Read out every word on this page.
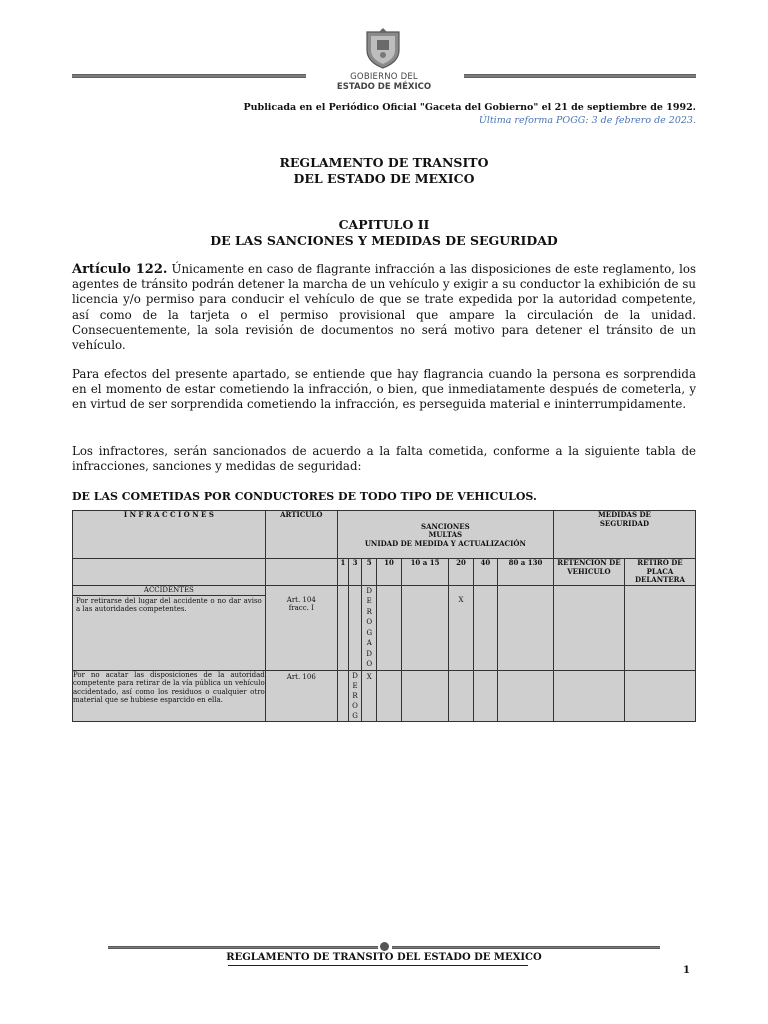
GOBIERNO DEL
ESTADO DE MÉXICO
Publicada en el Periódico Oficial "Gaceta del Gobierno" el 21 de septiembre de 1992.
Última reforma POGG: 3 de febrero de 2023.
REGLAMENTO DE TRANSITO
DEL ESTADO DE MEXICO
CAPITULO II
DE LAS SANCIONES Y MEDIDAS DE SEGURIDAD
Artículo 122. Únicamente en caso de flagrante infracción a las disposiciones de este reglamento, los agentes de tránsito podrán detener la marcha de un vehículo y exigir a su conductor la exhibición de su licencia y/o permiso para conducir el vehículo de que se trate expedida por la autoridad competente, así como de la tarjeta o el permiso provisional que ampare la circulación de la unidad. Consecuentemente, la sola revisión de documentos no será motivo para detener el tránsito de un vehículo.
Para efectos del presente apartado, se entiende que hay flagrancia cuando la persona es sorprendida en el momento de estar cometiendo la infracción, o bien, que inmediatamente después de cometerla, y en virtud de ser sorprendida cometiendo la infracción, es perseguida material e ininterrumpidamente.
Los infractores, serán sancionados de acuerdo a la falta cometida, conforme a la siguiente tabla de infracciones, sanciones y medidas de seguridad:
DE LAS COMETIDAS POR CONDUCTORES DE TODO TIPO DE VEHICULOS.
I N F R A C C I O N E S	ARTICULO	SANCIONES
MULTAS
UNIDAD DE MEDIDA Y ACTUALIZACIÓN								MEDIDAS DE SEGURIDAD	

		1	3	5	10	10 a 15	20	40	80 a 130	RETENCION DE VEHICULO	RETIRO DE PLACA DELANTERA

ACCIDENTES
Por retirarse del lugar del accidente o no dar aviso a las autoridades competentes.	Art. 104 fracc. I			D E R O G A D O			X				
Por no acatar las disposiciones de la autoridad competente para retirar de la vía pública un vehículo accidentado, así como los residuos o cualquier otro material que se hubiese esparcido en ella.	Art. 106		D E R O G	X							
REGLAMENTO DE TRANSITO DEL ESTADO DE MEXICO
1
